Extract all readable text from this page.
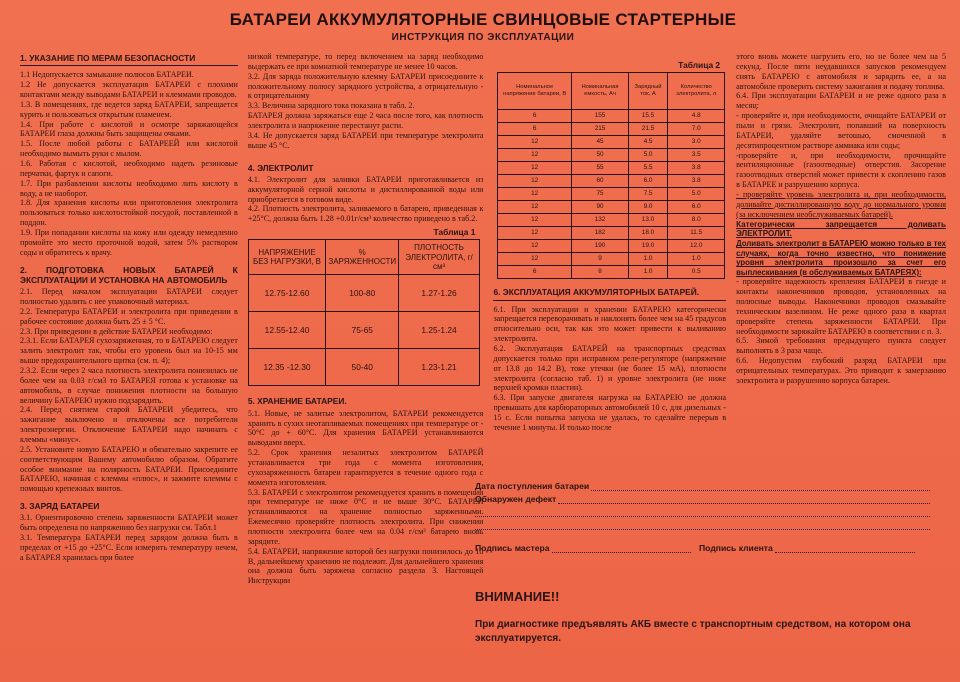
БАТАРЕИ АККУМУЛЯТОРНЫЕ СВИНЦОВЫЕ СТАРТЕРНЫЕ

ИНСТРУКЦИЯ ПО ЭКСПЛУАТАЦИИ

1. УКАЗАНИЕ ПО МЕРАМ БЕЗОПАСНОСТИ

1.1 Недопускается замыкание полюсов БАТАРЕИ.

1.2 Не допускается эксплуатация БАТАРЕИ с плохими контактами между выводами БАТАРЕИ и клеммами проводов.

1.3. В помещениях, где ведется заряд БАТАРЕИ, запрещается курить и пользоваться открытым пламенем.

1.4. При работе с кислотой и осмотре заряжающейся БАТАРЕИ глаза должны быть защищены очками.

1.5. После любой работы с БАТАРЕЕЙ или кислотой необходимо вымыть руки с мылом.

1.6. Работая с кислотой, необходимо надеть резиновые перчатки, фартук и сапоги.

1.7. При разбавлении кислоты необходимо лить кислоту в воду, а не наоборот.

1.8. Для хранения кислоты или приготовления электролита пользоваться только кислотостойкой посудой, поставленной в поддон.

1.9. При попадании кислоты на кожу или одежду немедленно промойте это место проточной водой, затем 5% раствором соды и обратитесь к врачу.

2. ПОДГОТОВКА НОВЫХ БАТАРЕЙ К ЭКСПЛУАТАЦИИ И УСТАНОВКА НА АВТОМОБИЛЬ

2.1. Перед началом эксплуатации БАТАРЕИ следует полностью удалить с нее упаковочный материал.

2.2. Температура БАТАРЕИ и электролита при приведении в рабочее состояние должна быть 25 ± 5 °С.

2.3. При приведении в действие БАТАРЕИ необходимо:

2.3.1. Если БАТАРЕЯ сухозаряженная, то в БАТАРЕЮ следует залить электролит так, чтобы его уровень был на 10-15 мм выше предохранительного щитка (см. п. 4);

2.3.2. Если через 2 часа плотность электролита понизилась не более чем на 0.03 г/см3 то БАТАРЕЯ готова к установке на автомобиль, в случае понижения плотности на большую величину БАТАРЕЮ нужно подзарядить.

2.4. Перед снятием старой БАТАРЕИ убедитесь, что зажигание выключено и отключены все потребители электроэнергии. Отключение БАТАРЕИ надо начинать с клеммы «минус».

2.5. Установите новую БАТАРЕЮ и обязательно закрепите ее соответствующим Вашему автомобилю образом. Обратите особое внимание на полярность БАТАРЕИ. Присоедините БАТАРЕЮ, начиная с клеммы «плюс», и зажмите клеммы с помощью крепежных винтов.

3. ЗАРЯД БАТАРЕИ

3.1. Ориентировочно степень заряженности БАТАРЕИ может быть определена по напряжению без нагрузки см. Табл.1

3.1. Температура БАТАРЕИ перед зарядом должна быть в пределах от +15 до +25°С. Если измерить температуру нечем, а БАТАРЕЯ хранилась при более

низкой температуре, то перед включением на заряд необходимо выдержать ее при комнатной температуре не менее 10 часов.

3.2. Для заряда положительную клемму БАТАРЕИ присоедините к положительному полюсу зарядного устройства, а отрицательную - к отрицательному

3.3. Величина зарядного тока показана в табл. 2.

БАТАРЕЯ должна заряжаться еще 2 часа после того, как плотность электролита и напряжение перестанут расти.

3.4. Не допускается заряд БАТАРЕИ при температуре электролита выше 45 °С.

4. ЭЛЕКТРОЛИТ

4.1. Электролит для заливки БАТАРЕИ приготавливается из аккумуляторной серной кислоты и дистиллированной воды или приобретается в готовом виде.

4.2. Плотность электролита, заливаемого в батарею, приведенная к +25°С, должна быть 1.28 +0.01г/см³ количество приведено в таб.2.

Таблица 1

НАПРЯЖЕНИЕ БЕЗ НАГРУЗКИ, В	% ЗАРЯЖЕННОСТИ	ПЛОТНОСТЬ ЭЛЕКТРОЛИТА, г/см³
12.75-12.60	100-80	1.27-1.26
12.55-12.40	75-65	1.25-1.24
12.35 -12.30	50-40	1.23-1.21

5. ХРАНЕНИЕ БАТАРЕИ.

5.1. Новые, не залитые электролитом, БАТАРЕИ рекомендуется хранить в сухих неотапливаемых помещениях при температуре от - 50°С до + 60°С. Для хранения БАТАРЕИ устанавливаются выводами вверх.

5.2. Срок хранения незалитых электролитом БАТАРЕЙ устанавливается три года с момента изготовления, сухозаряженность батареи гарантируется в течение одного года с момента изготовления.

5.3. БАТАРЕИ с электролитом рекомендуется хранить в помещении при температуре не ниже 0°С и не выше 30°С. БАТАРЕИ устанавливаются на хранение полностью заряженными. Ежемесячно проверяйте плотность электролита. При снижении плотности электролита более чем на 0.04 г/см³ батарею вновь зарядите.

5.4. БАТАРЕИ, напряжение которой без нагрузки понизилось до 10 В, дальнейшему хранению не подлежит. Для дальнейшего хранения она должна быть заряжена согласно раздела 3. Настоящей Инструкции

Таблица 2

Номинальное напряжение батареи, В	Номинальная емкость, Ач	Зарядный ток, А	Количество электролита, л
6	155	15.5	4.8
6	215	21.5	7.0
12	45	4.5	3.0
12	50	5.0	3.5
12	55	5.5	3.8
12	60	6.0	3.8
12	75	7.5	5.0
12	90	9.0	6.0
12	132	13.0	8.0
12	182	18.0	11.5
12	190	19.0	12.0
12	9	1.0	1.0
6	8	1.0	0.5

6. ЭКСПЛУАТАЦИЯ АККУМУЛЯТОРНЫХ БАТАРЕЙ.

6.1. При эксплуатации и хранении БАТАРЕЮ категорически запрещается переворачивать и наклонять более чем на 45 градусов относительно оси, так как это может привести к выливанию электролита.

6.2. Эксплуатация БАТАРЕЙ на транспортных средствах допускается только при исправном реле-регуляторе (напряжение от 13.8 до 14.2 В), токе утечки (не более 15 мА), плотности электролита (согласно таб. 1) и уровне электролита (не ниже верхней кромки пластин).

6.3. При запуске двигателя нагрузка на БАТАРЕЮ не должна превышать для карбюраторных автомобилей 10 с, для дизельных - 15 с. Если попытка запуска не удалась, то сделайте перерыв в течение 1 минуты. И только после

этого вновь можете нагрузить его, но не более чем на 5 секунд. После пяти неудавшихся запусков рекомендуем снять БАТАРЕЮ с автомобиля и зарядить ее, а на автомобиле проверить систему зажигания и подачу топлива.

6.4. При эксплуатации БАТАРЕИ и не реже одного раза в месяц:

- проверяйте и, при необходимости, очищайте БАТАРЕИ от пыли и грязи. Электролит, попавший на поверхность БАТАРЕИ, удаляйте ветошью, смоченной в десятипроцентном растворе аммиака или соды;

-проверяйте и, при необходимости, прочищайте вентиляционные (газоотводные) отверстия. Засорение газоотводных отверстий может привести к скоплению газов в БАТАРЕЕ и разрушению корпуса.

- проверяйте уровень электролита и, при необходимости, доливайте дистиллированную воду до нормального уровня (за исключением необслуживаемых батарей).

Категорически запрещается доливать ЭЛЕКТРОЛИТ.

Доливать электролит в БАТАРЕЮ можно только в тех случаях, когда точно известно, что понижение уровня электролита произошло за счет его выплескивания (в обслуживаемых БАТАРЕЯХ):

- проверяйте надежность крепления БАТАРЕИ в гнезде и контакты наконечников проводов, установленных на полюсные выводы. Наконечники проводов смазывайте техническим вазелином. Не реже одного раза в квартал проверяйте степень заряженности БАТАРЕИ. При необходимости заряжайте БАТАРЕЮ в соответствии с п. 3.

6.5. Зимой требования предыдущего пункта следует выполнять в 3 раза чаще.

6.6. Недопустим глубокий разряд БАТАРЕИ при отрицательных температурах. Это приводит к замерзанию электролита и разрушению корпуса батареи.

Дата поступления батареи
Обнаружен дефект
Подпись мастера	Подпись клиента

ВНИМАНИЕ!!

При диагностике предъявлять АКБ вместе с транспортным средством, на котором она эксплуатируется.
